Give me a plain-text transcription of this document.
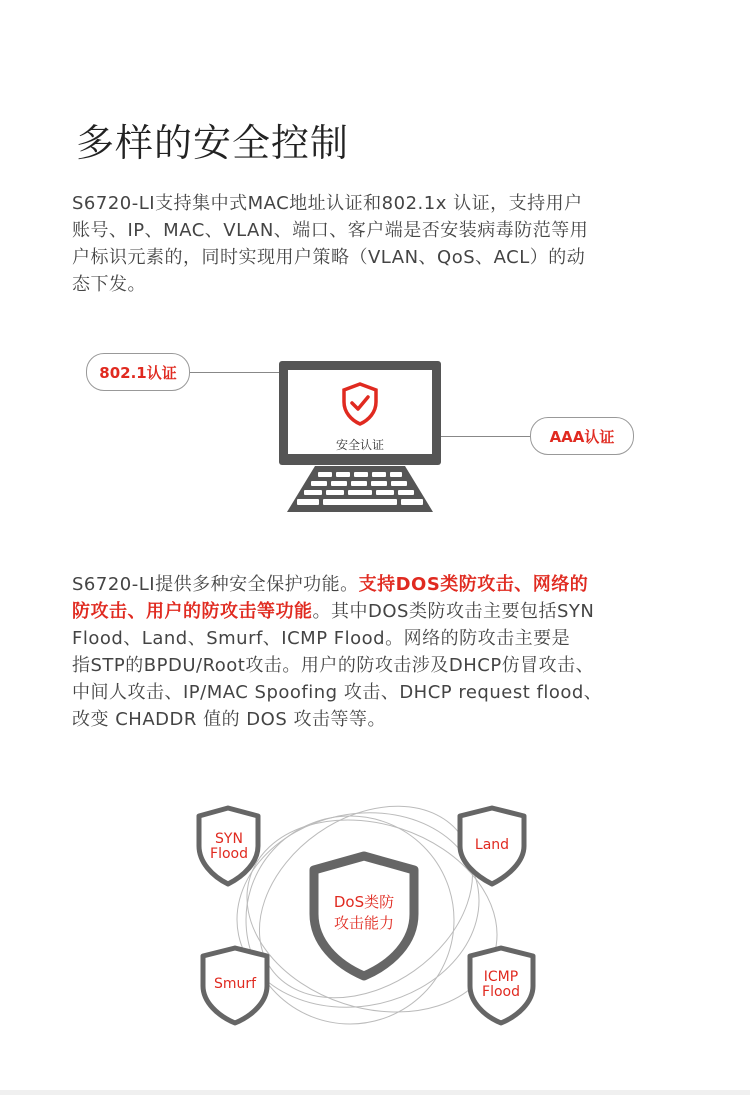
多样的安全控制
S6720-LI支持集中式MAC地址认证和802.1x 认证，支持用户
账号、IP、MAC、VLAN、端口、客户端是否安装病毒防范等用
户标识元素的，同时实现用户策略（VLAN、QoS、ACL）的动
态下发。
802.1认证
AAA认证
安全认证
S6720-LI提供多种安全保护功能。支持DOS类防攻击、网络的
防攻击、用户的防攻击等功能。其中DOS类防攻击主要包括SYN
Flood、Land、Smurf、ICMP Flood。网络的防攻击主要是
指STP的BPDU/Root攻击。用户的防攻击涉及DHCP仿冒攻击、
中间人攻击、IP/MAC Spoofing 攻击、DHCP request flood、
改变 CHADDR 值的 DOS 攻击等等。
SYN
Flood
Land
Smurf	ICMP
Flood
DoS类防
攻击能力
